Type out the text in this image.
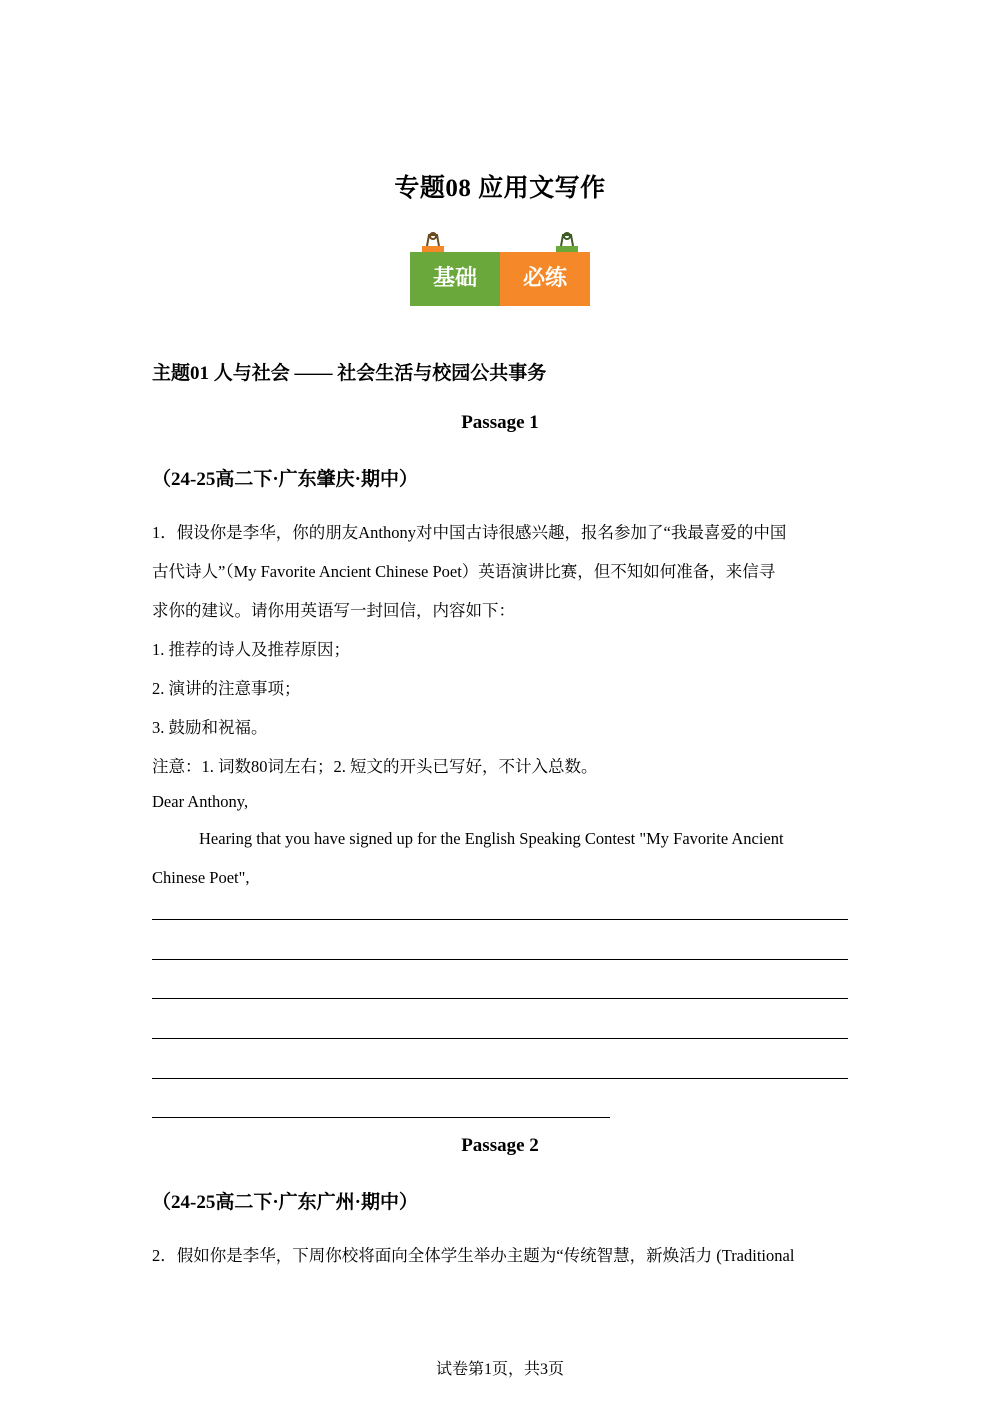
专题08 应用文写作
基础	必练
主题01 人与社会 —— 社会生活与校园公共事务
Passage 1
（24-25高二下·广东肇庆·期中）
1．假设你是李华，你的朋友Anthony对中国古诗很感兴趣，报名参加了“我最喜爱的中国
古代诗人”（My Favorite Ancient Chinese Poet）英语演讲比赛，但不知如何准备，来信寻
求你的建议。请你用英语写一封回信，内容如下：
1. 推荐的诗人及推荐原因；
2. 演讲的注意事项；
3. 鼓励和祝福。
注意：1. 词数80词左右；2. 短文的开头已写好，不计入总数。
Dear Anthony,
Hearing that you have signed up for the English Speaking Contest "My Favorite Ancient
Chinese Poet",
Passage 2
（24-25高二下·广东广州·期中）
2．假如你是李华，下周你校将面向全体学生举办主题为“传统智慧，新焕活力 (Traditional
试卷第1页，共3页
